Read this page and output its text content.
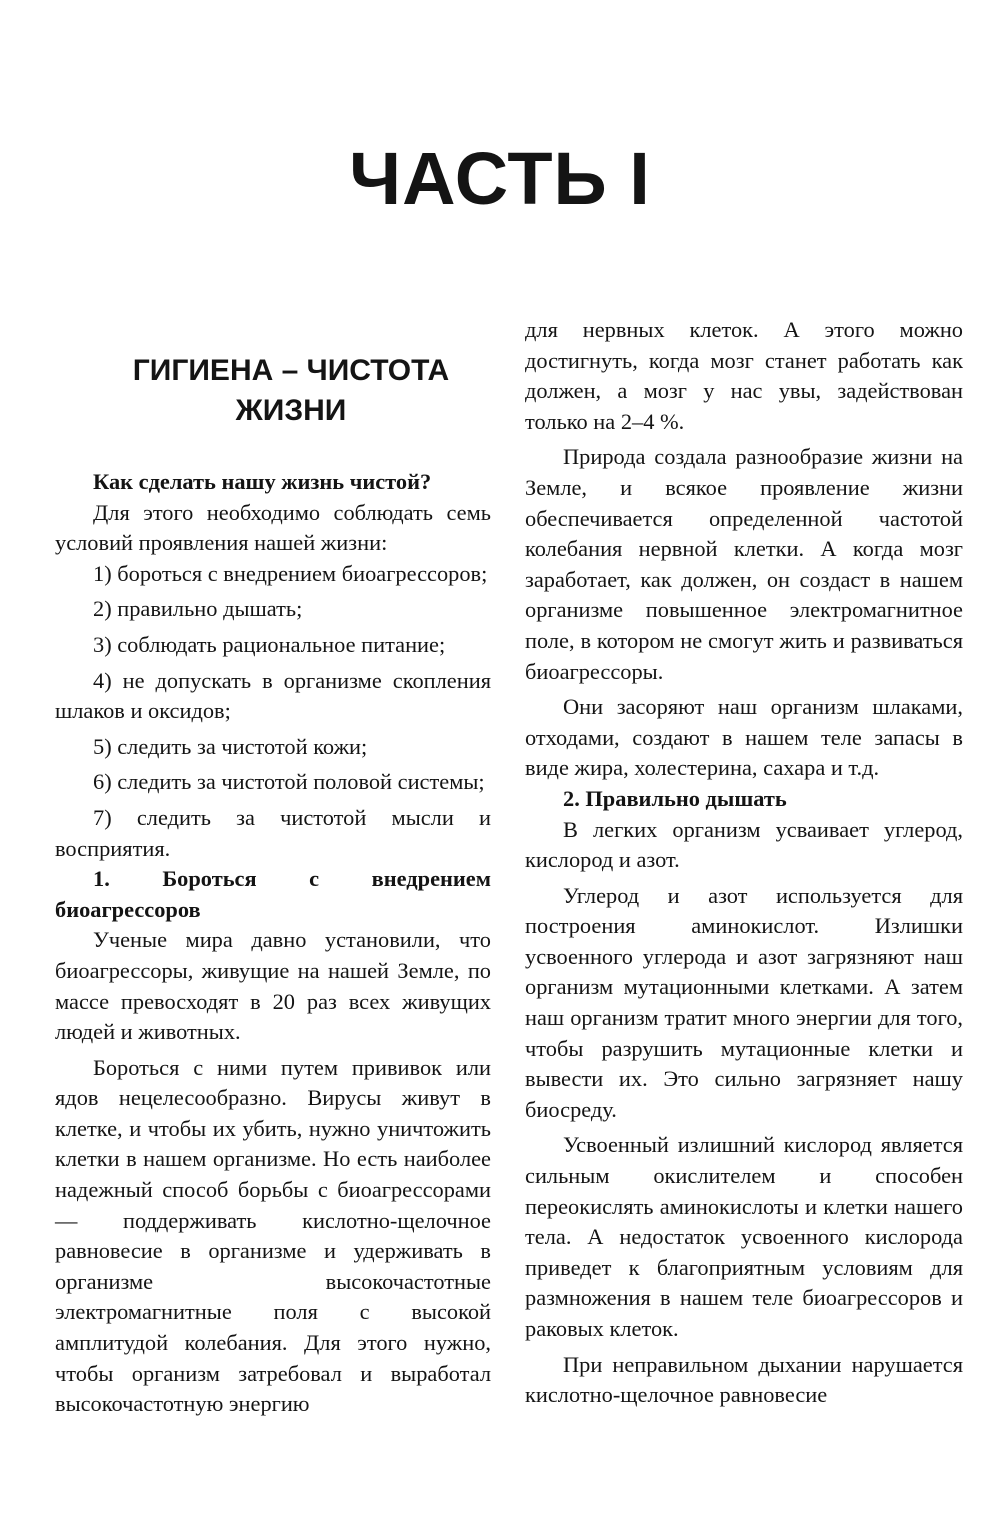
ЧАСТЬ I
ГИГИЕНА – ЧИСТОТА ЖИЗНИ

Как сделать нашу жизнь чистой?

Для этого необходимо соблюдать семь условий проявления нашей жизни:

1) бороться с внедрением биоагрессоров;

2) правильно дышать;

3) соблюдать рациональное питание;

4) не допускать в организме скопления шлаков и оксидов;

5) следить за чистотой кожи;

6) следить за чистотой половой системы;

7) следить за чистотой мысли и восприятия.

1. Бороться с внедрением биоагрессоров

Ученые мира давно установили, что биоагрессоры, живущие на нашей Земле, по массе превосходят в 20 раз всех живущих людей и животных.

Бороться с ними путем прививок или ядов нецелесообразно. Вирусы живут в клетке, и чтобы их убить, нужно уничтожить клетки в нашем организме. Но есть наиболее надежный способ борьбы с биоагрессорами — поддерживать кислотно-щелочное равновесие в организме и удерживать в организме высокочастотные электромагнитные поля с высокой амплитудой колебания. Для этого нужно, чтобы организм затребовал и выработал высокочастотную энергию

для нервных клеток. А этого можно достигнуть, когда мозг станет работать как должен, а мозг у нас увы, задействован только на 2–4 %.

Природа создала разнообразие жизни на Земле, и всякое проявление жизни обеспечивается определенной частотой колебания нервной клетки. А когда мозг заработает, как должен, он создаст в нашем организме повышенное электромагнитное поле, в котором не смогут жить и развиваться биоагрессоры.

Они засоряют наш организм шлаками, отходами, создают в нашем теле запасы в виде жира, холестерина, сахара и т.д.

2. Правильно дышать

В легких организм усваивает углерод, кислород и азот.

Углерод и азот используется для построения аминокислот. Излишки усвоенного углерода и азот загрязняют наш организм мутационными клетками. А затем наш организм тратит много энергии для того, чтобы разрушить мутационные клетки и вывести их. Это сильно загрязняет нашу биосреду.

Усвоенный излишний кислород является сильным окислителем и способен переокислять аминокислоты и клетки нашего тела. А недостаток усвоенного кислорода приведет к благоприятным условиям для размножения в нашем теле биоагрессоров и раковых клеток.

При неправильном дыхании нарушается кислотно-щелочное равновесие
